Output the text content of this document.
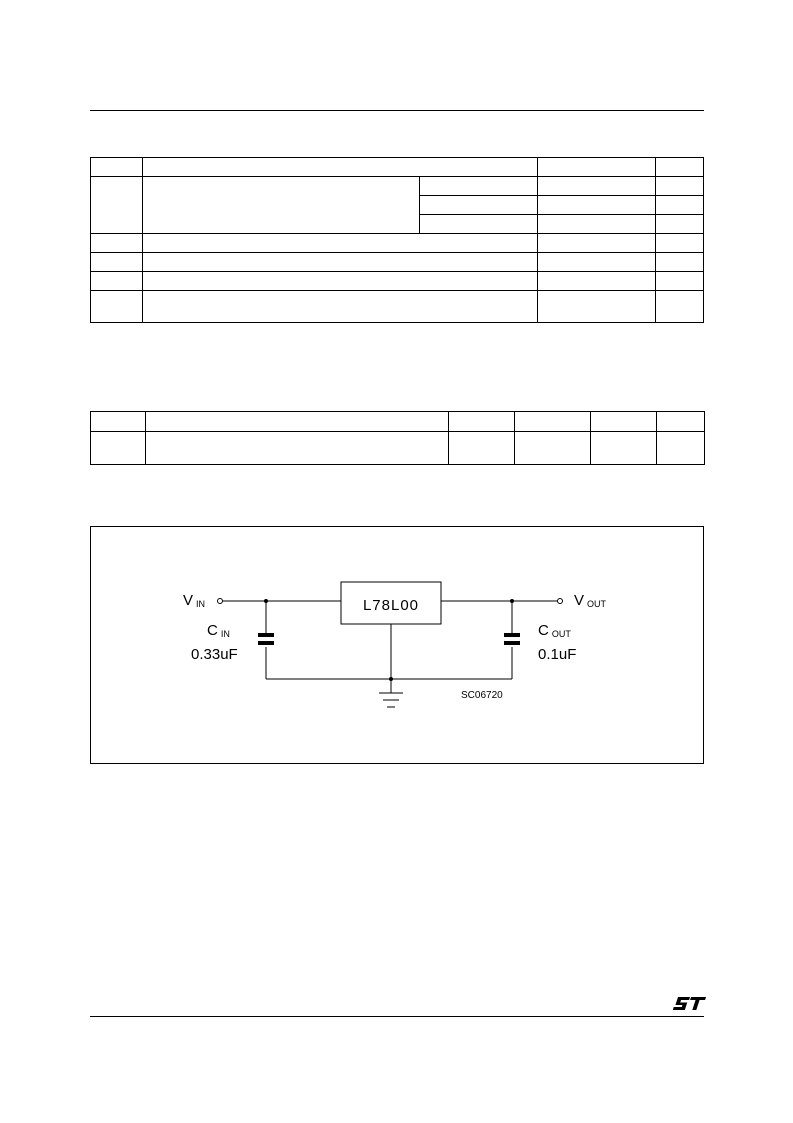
VIN
CIN
0.33uF
L78L00	VOUT
COUT
0.1uF
SC06720
